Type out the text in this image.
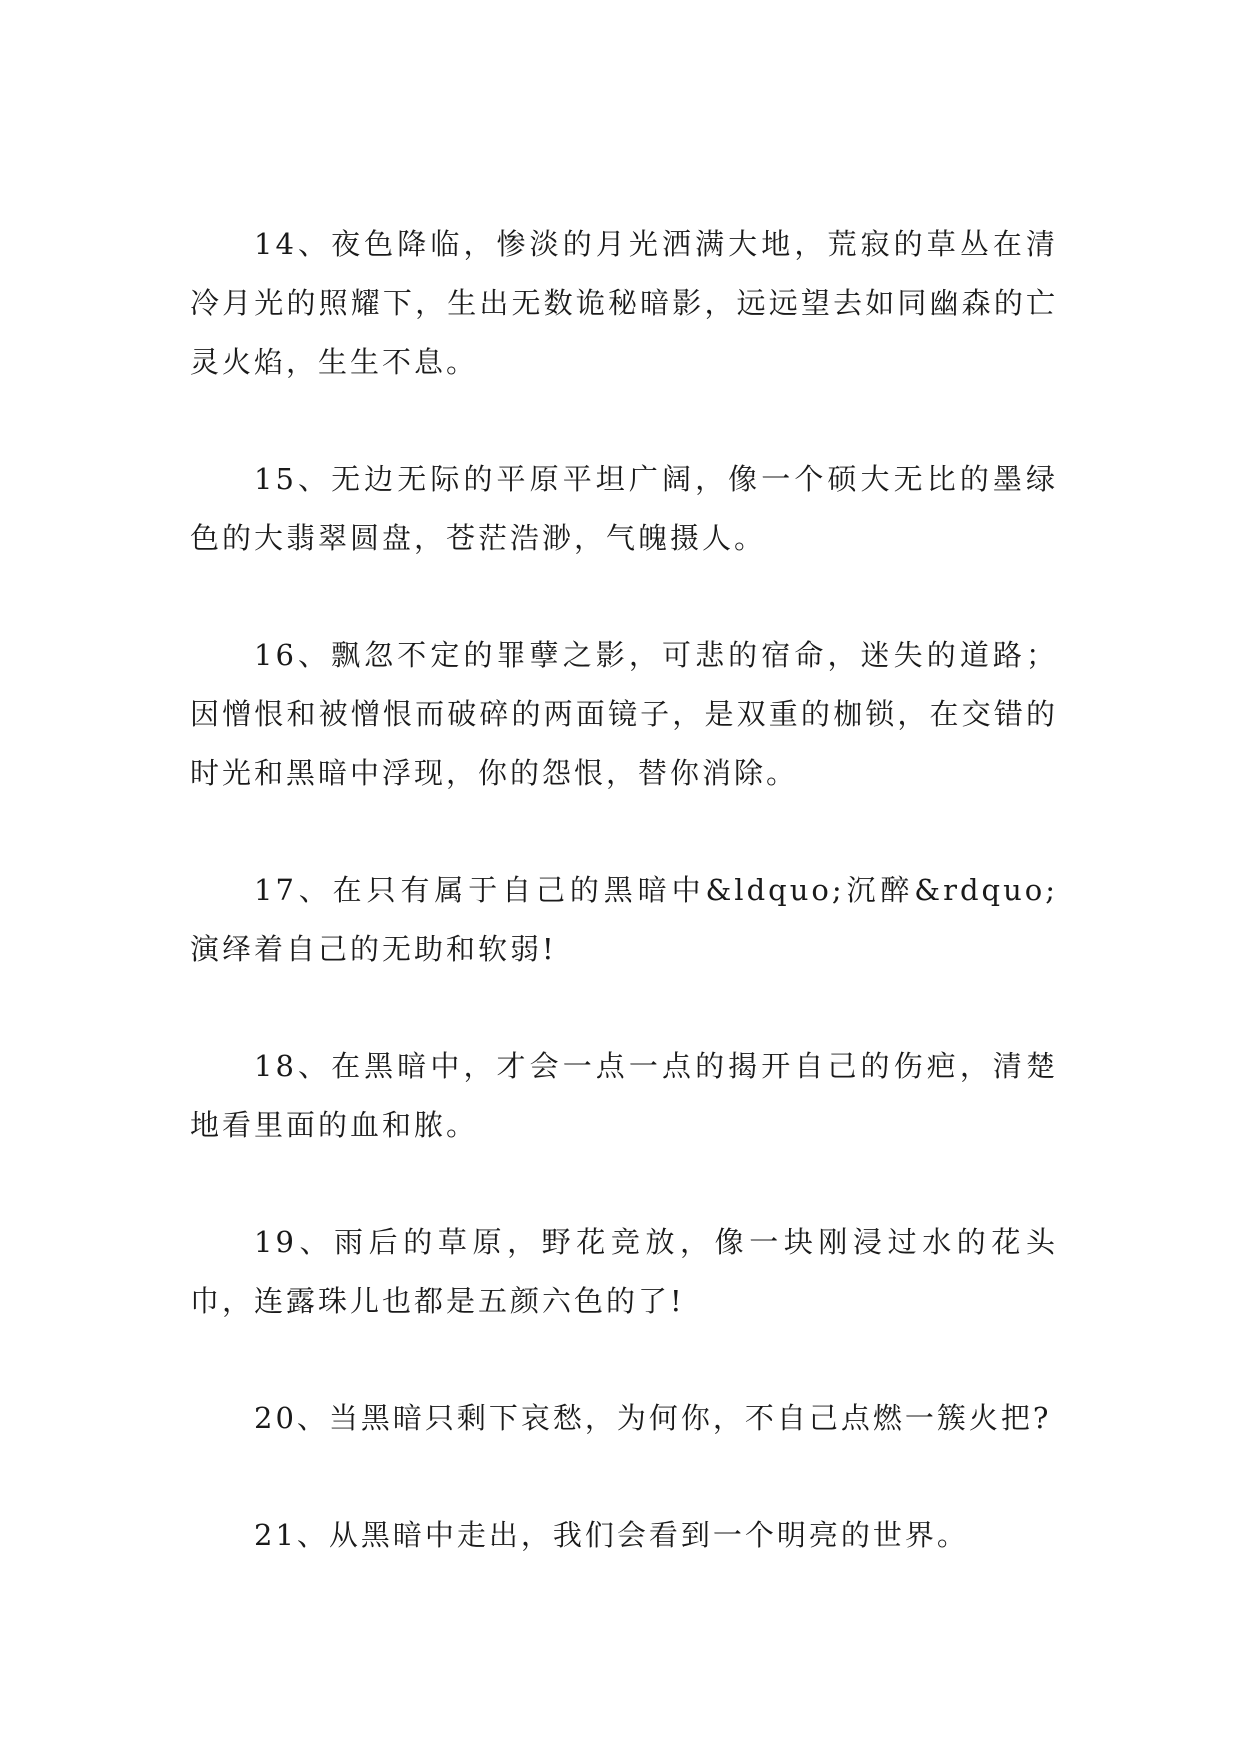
14、夜色降临，惨淡的月光洒满大地，荒寂的草丛在清冷月光的照耀下，生出无数诡秘暗影，远远望去如同幽森的亡灵火焰，生生不息。

15、无边无际的平原平坦广阔，像一个硕大无比的墨绿色的大翡翠圆盘，苍茫浩渺，气魄摄人。

16、飘忽不定的罪孽之影，可悲的宿命，迷失的道路；因憎恨和被憎恨而破碎的两面镜子，是双重的枷锁，在交错的时光和黑暗中浮现，你的怨恨，替你消除。

17、在只有属于自己的黑暗中&ldquo;沉醉&rdquo;演绎着自己的无助和软弱!

18、在黑暗中，才会一点一点的揭开自己的伤疤，清楚地看里面的血和脓。

19、雨后的草原，野花竞放，像一块刚浸过水的花头巾，连露珠儿也都是五颜六色的了!

20、当黑暗只剩下哀愁，为何你，不自己点燃一簇火把?

21、从黑暗中走出，我们会看到一个明亮的世界。
